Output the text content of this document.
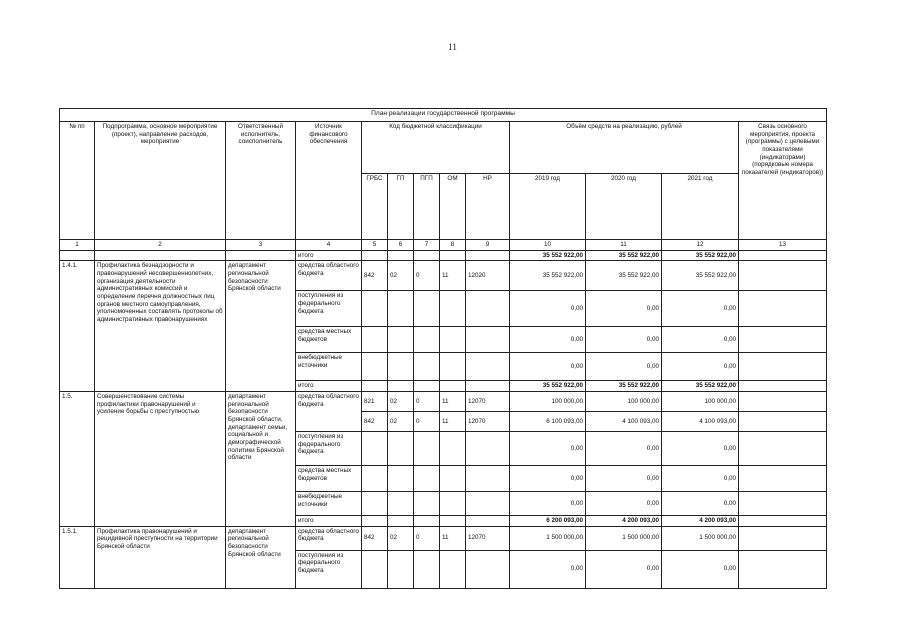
11
План реализации государственной программы												
№ пп	Подпрограмма, основное мероприятие (проект), направление расходов, мероприятие	Ответственный исполнитель, соисполнитель	Источник финансового обеспечения	Код бюджетной классификации					Объём средств на реализацию, рублей			Связь основного мероприятия, проекта (программы) с целевыми показателями (индикаторами) (порядковые номера показателей (индикаторов))
				ГРБС	ГП	ПГП	ОМ	НР	2019 год	2020 год	2021 год	
1	2	3	4	5	6	7	8	9	10	11	12	13
			итого						35 552 922,00	35 552 922,00	35 552 922,00	
1.4.1.	Профилактика безнадзорности и правонарушений несовершеннолетних, организация деятельности административных комиссий и определение перечня должностных лиц органов местного самоуправления, уполномоченных составлять протоколы об административных правонарушениях	департамент региональной безопасности Брянской области	средства областного бюджета	842	02	0	11	12020	35 552 922,00	35 552 922,00	35 552 922,00	
			поступления из федерального бюджета						0,00	0,00	0,00	
			средства местных бюджетов						0,00	0,00	0,00	
			внебюджетные источники						0,00	0,00	0,00	
			итого						35 552 922,00	35 552 922,00	35 552 922,00	
1.5.	Совершенствование системы профилактики правонарушений и усиление борьбы с преступностью	департамент региональной безопасности Брянской области, департамент семьи, социальной и демографической политики Брянской области	средства областного бюджета	821	02	0	11	12070	100 000,00	100 000,00	100 000,00	
				842	02	0	11	12070	6 100 093,00	4 100 093,00	4 100 093,00	
			поступления из федерального бюджета						0,00	0,00	0,00	
			средства местных бюджетов						0,00	0,00	0,00	
			внебюджетные источники						0,00	0,00	0,00	
			итого						6 200 093,00	4 200 093,00	4 200 093,00	
1.5.1.	Профилактика правонарушений и рецидивной преступности на территории Брянской области	департамент региональной безопасности Брянской области	средства областного бюджета	842	02	0	11	12070	1 500 000,00	1 500 000,00	1 500 000,00	
			поступления из федерального бюджета						0,00	0,00	0,00	
